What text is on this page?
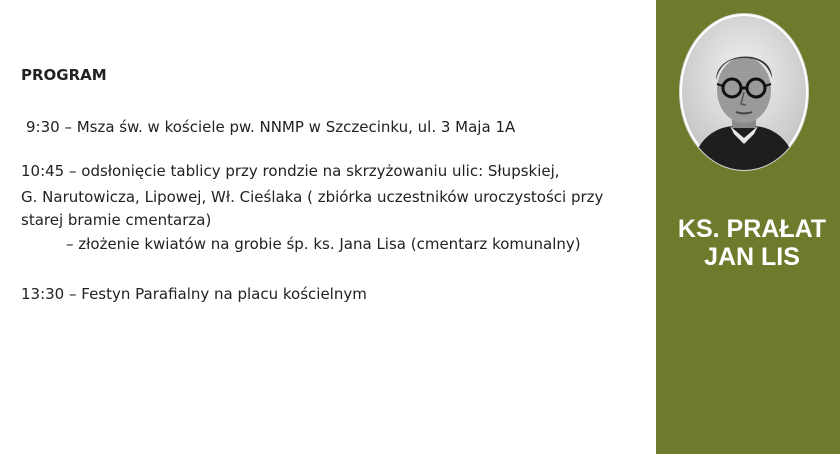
PROGRAM
9:30 – Msza św. w kościele pw. NNMP w Szczecinku, ul. 3 Maja 1A
10:45 – odsłonięcie tablicy przy rondzie na skrzyżowaniu ulic: Słupskiej,
G. Narutowicza, Lipowej, Wł. Cieślaka ( zbiórka uczestników uroczystości przy
starej bramie cmentarza)
– złożenie kwiatów na grobie śp. ks. Jana Lisa (cmentarz komunalny)
13:30 – Festyn Parafialny na placu kościelnym
KS. PRAŁAT
JAN LIS
